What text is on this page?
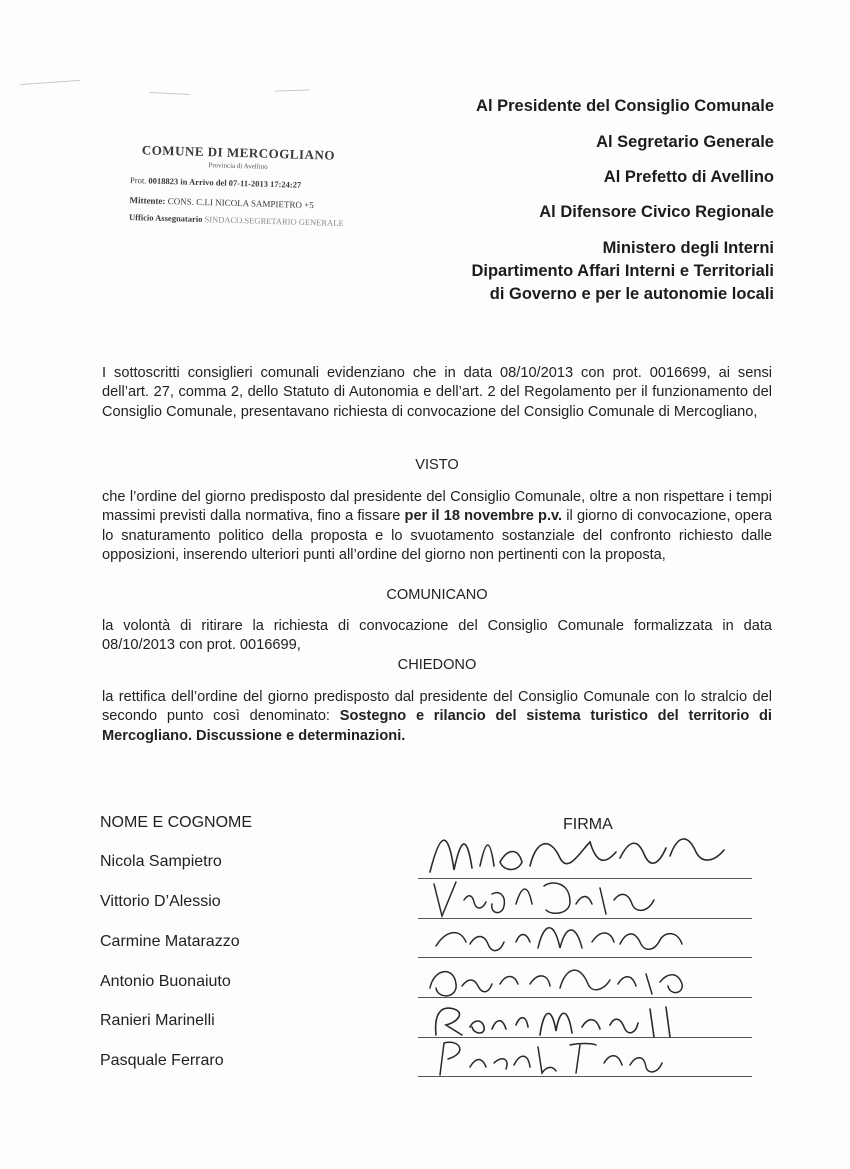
COMUNE DI MERCOGLIANO
Provincia di Avellino
Prot. 0018823 in Arrivo del 07-11-2013 17:24:27
Mittente: CONS. C.LI NICOLA SAMPIETRO +5
Ufficio Assegnatario SINDACO.SEGRETARIO GENERALE
Al Presidente del Consiglio Comunale
Al Segretario Generale
Al Prefetto di Avellino
Al Difensore Civico Regionale
Ministero degli Interni
Dipartimento Affari Interni e Territoriali
di Governo e per le autonomie locali
I sottoscritti consiglieri comunali evidenziano che in data 08/10/2013 con prot. 0016699, ai sensi dell’art. 27, comma 2, dello Statuto di Autonomia e dell’art. 2 del Regolamento per il funzionamento del Consiglio Comunale, presentavano richiesta di convocazione del Consiglio Comunale di Mercogliano,
VISTO
che l’ordine del giorno predisposto dal presidente del Consiglio Comunale, oltre a non rispettare i tempi massimi previsti dalla normativa, fino a fissare per il 18 novembre p.v. il giorno di convocazione, opera lo snaturamento politico della proposta e lo svuotamento sostanziale del confronto richiesto dalle opposizioni, inserendo ulteriori punti all’ordine del giorno non pertinenti con la proposta,
COMUNICANO
la volontà di ritirare la richiesta di convocazione del Consiglio Comunale formalizzata in data 08/10/2013 con prot. 0016699,
CHIEDONO
la rettifica dell’ordine del giorno predisposto dal presidente del Consiglio Comunale con lo stralcio del secondo punto così denominato: Sostegno e rilancio del sistema turistico del territorio di Mercogliano. Discussione e determinazioni.
NOME E COGNOME	FIRMA
Nicola Sampietro
Vittorio D’Alessio
Carmine Matarazzo
Antonio Buonaiuto
Ranieri Marinelli
Pasquale Ferraro
